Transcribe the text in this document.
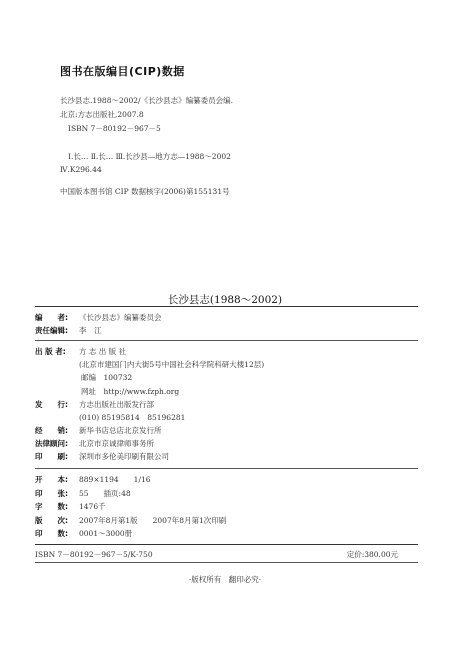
图书在版编目(CIP)数据
长沙县志.1988～2002/《长沙县志》编纂委员会编.
北京:方志出版社,2007.8
ISBN 7－80192－967－5
Ⅰ.长… Ⅱ.长… Ⅲ.长沙县—地方志—1988～2002
Ⅳ.K296.44
中国版本图书馆 CIP 数据核字(2006)第155131号
长沙县志(1988～2002)
编　　者: 《长沙县志》编纂委员会
责任编辑: 李　江
出 版 者: 方 志 出 版 社
(北京市建国门内大街5号中国社会科学院科研大楼12层)
邮编　100732
网址　http://www.fzph.org
发　　行: 方志出版社出版发行部
(010) 85195814　85196281
经　　销: 新华书店总店北京发行所
法律顾问: 北京市京诚律师事务所
印　　刷: 深圳市多伦美印刷有限公司
开　　本: 889×1194　　1/16
印　　张: 55　　插页:48
字　　数: 1476千
版　　次: 2007年8月第1版　　2007年8月第1次印刷
印　　数: 0001～3000册
ISBN 7－80192－967－5/K·750	定价:380.00元
·版权所有　翻印必究·
